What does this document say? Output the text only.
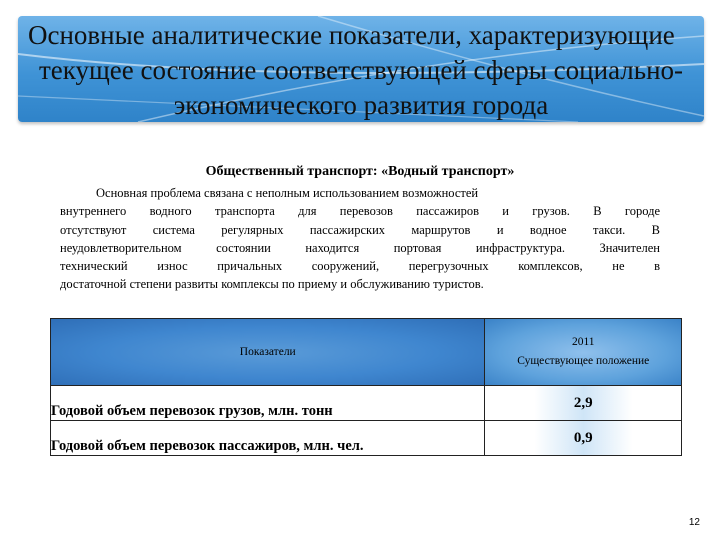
Основные аналитические показатели, характеризующие
текущее состояние соответствующей сферы социально-
экономического развития города
Общественный транспорт: «Водный транспорт»
Основная проблема связана с неполным использованием возможностей
внутреннего водного транспорта для перевозов пассажиров и грузов. В городе
отсутствуют система регулярных пассажирских маршрутов и водное такси. В
неудовлетворительном состоянии находится портовая инфраструктура. Значителен
технический износ причальных сооружений, перегрузочных комплексов, не в
достаточной степени развиты комплексы по приему и обслуживанию туристов.
Показатели	2011
Существующее положение

Годовой объем перевозок грузов, млн. тонн	2,9
Годовой объем перевозок пассажиров, млн. чел.	0,9
12
